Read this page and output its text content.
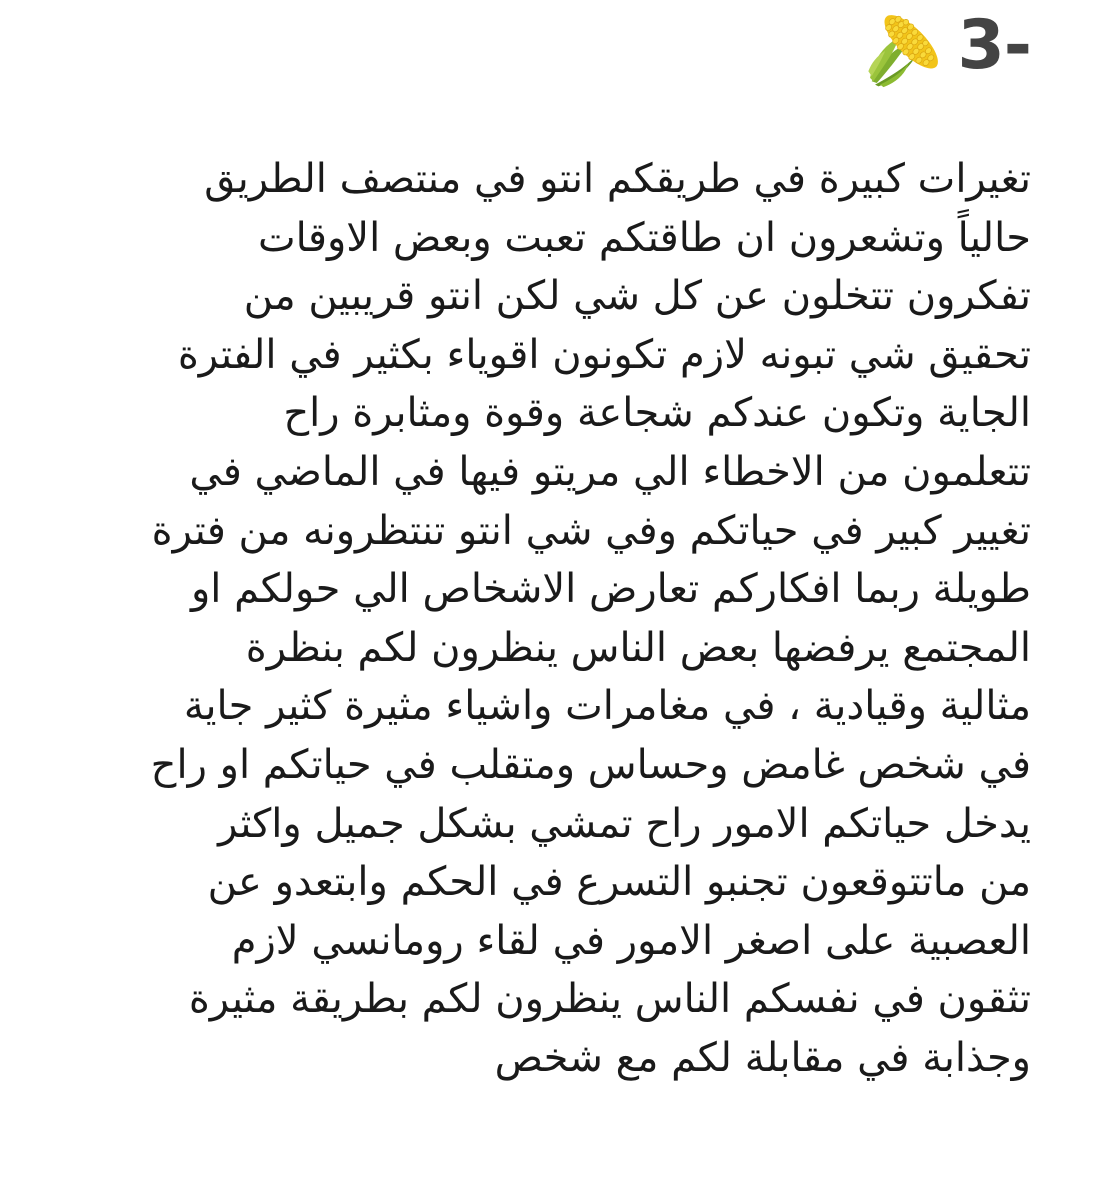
3-
تغيرات كبيرة في طريقكم انتو في منتصف الطريق
حالياً وتشعرون ان طاقتكم تعبت وبعض الاوقات
تفكرون تتخلون عن كل شي لكن انتو قريبين من
تحقيق شي تبونه لازم تكونون اقوياء بكثير في الفترة
الجاية وتكون عندكم شجاعة وقوة ومثابرة راح
تتعلمون من الاخطاء الي مريتو فيها في الماضي في
تغيير كبير في حياتكم وفي شي انتو تنتظرونه من فترة
طويلة ربما افكاركم تعارض الاشخاص الي حولكم او
المجتمع يرفضها بعض الناس ينظرون لكم بنظرة
مثالية وقيادية ، في مغامرات واشياء مثيرة كثير جاية
في شخص غامض وحساس ومتقلب في حياتكم او راح
يدخل حياتكم الامور راح تمشي بشكل جميل واكثر
من ماتتوقعون تجنبو التسرع في الحكم وابتعدو عن
العصبية على اصغر الامور في لقاء رومانسي لازم
تثقون في نفسكم الناس ينظرون لكم بطريقة مثيرة
وجذابة في مقابلة لكم مع شخص
